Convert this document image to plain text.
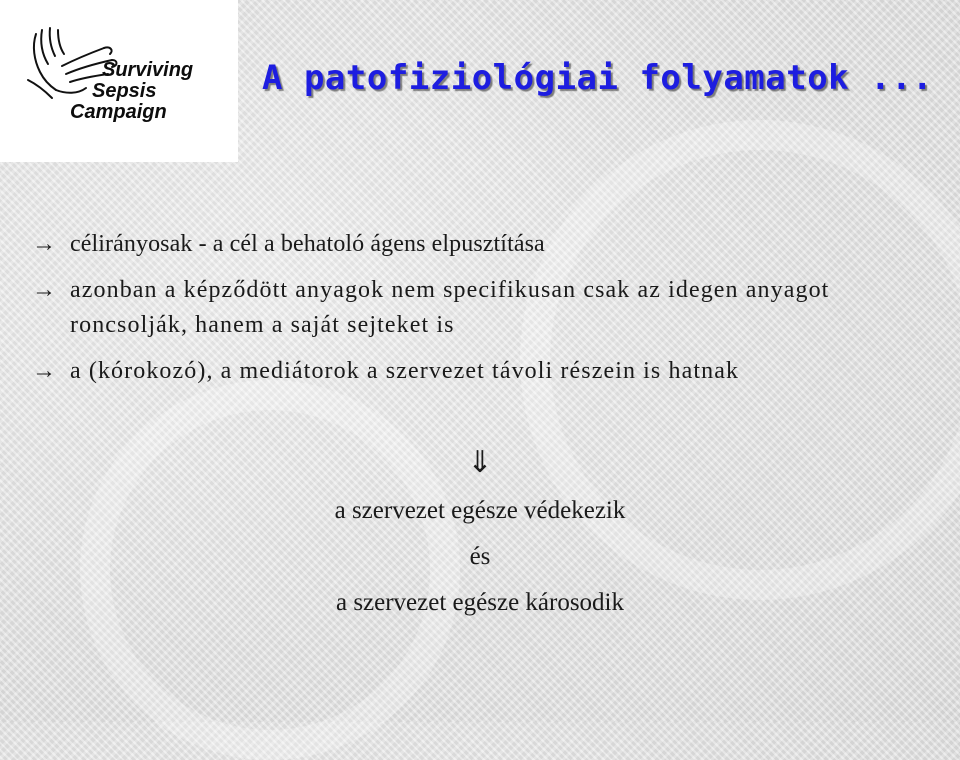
Surviving
Sepsis
Campaign
A patofiziológiai folyamatok ...
→ célirányosak - a cél a behatoló ágens elpusztítása
→ azonban a képződött anyagok nem specifikusan csak az idegen anyagot roncsolják, hanem a saját sejteket is
→ a (kórokozó), a mediátorok a szervezet távoli részein is hatnak
⇓
a szervezet egésze védekezik
és
a szervezet egésze károsodik
